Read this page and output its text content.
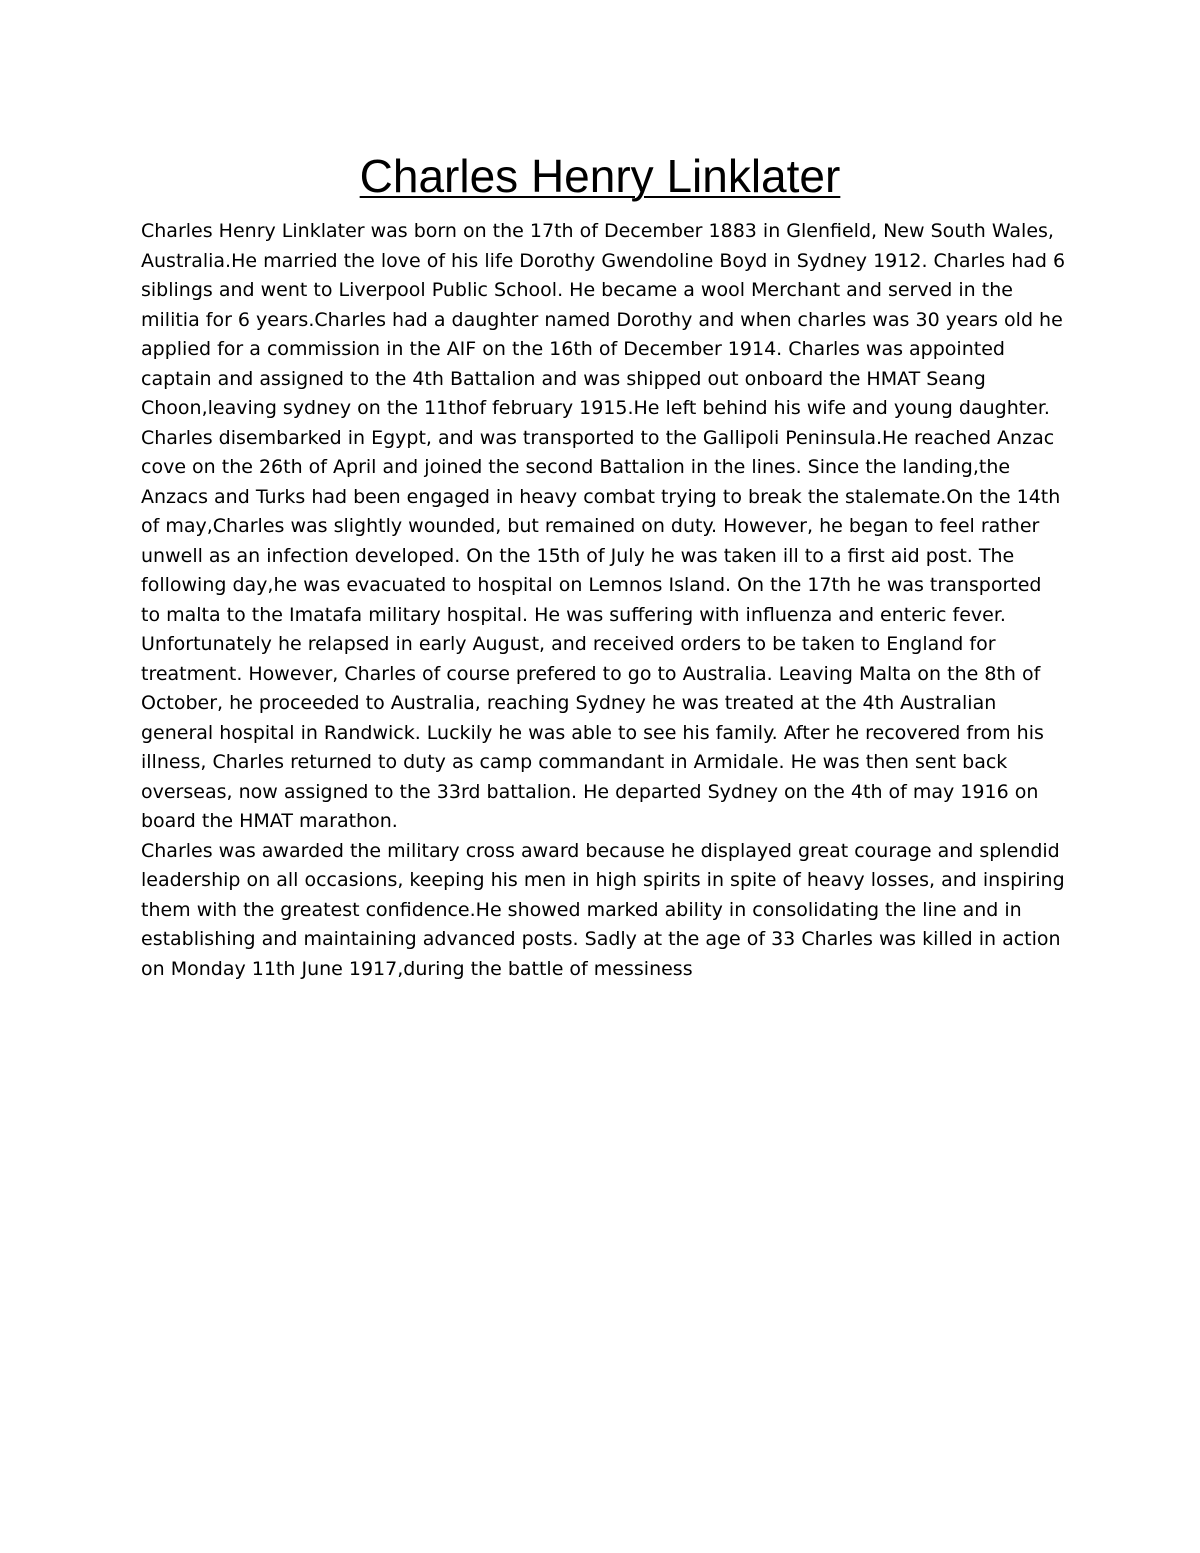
Charles Henry Linklater

Charles Henry Linklater was born on the 17th of December 1883 in Glenfield, New South Wales, Australia.He married the love of his life Dorothy Gwendoline Boyd in Sydney 1912. Charles had 6 siblings and went to Liverpool Public School. He became a wool Merchant and served in the militia for 6 years.Charles had a daughter named Dorothy and when charles was 30 years old he applied for a commission in the AIF on the 16th of December 1914. Charles was appointed captain and assigned to the 4th Battalion and was shipped out onboard the HMAT Seang Choon,leaving sydney on the 11thof february 1915.He left behind his wife and young daughter.

Charles disembarked in Egypt, and was transported to the Gallipoli Peninsula.He reached Anzac cove on the 26th of April and joined the second Battalion in the lines. Since the landing,the Anzacs and Turks had been engaged in heavy combat trying to break the stalemate.On the 14th of may,Charles was slightly wounded, but remained on duty. However, he began to feel rather unwell as an infection developed. On the 15th of July he was taken ill to a first aid post. The following day,he was evacuated to hospital on Lemnos Island. On the 17th he was transported to malta to the Imatafa military hospital. He was suffering with influenza and enteric fever. Unfortunately he relapsed in early August, and received orders to be taken to England for treatment. However, Charles of course prefered to go to Australia. Leaving Malta on the 8th of October, he proceeded to Australia, reaching Sydney he was treated at the 4th Australian general hospital in Randwick. Luckily he was able to see his family. After he recovered from his illness, Charles returned to duty as camp commandant in Armidale. He was then sent back overseas, now assigned to the 33rd battalion. He departed Sydney on the 4th of may 1916 on board the HMAT marathon.

Charles was awarded the military cross award because he displayed great courage and splendid leadership on all occasions, keeping his men in high spirits in spite of heavy losses, and inspiring them with the greatest confidence.He showed marked ability in consolidating the line and in establishing and maintaining advanced posts. Sadly at the age of 33 Charles was killed in action on Monday 11th June 1917,during the battle of messiness
